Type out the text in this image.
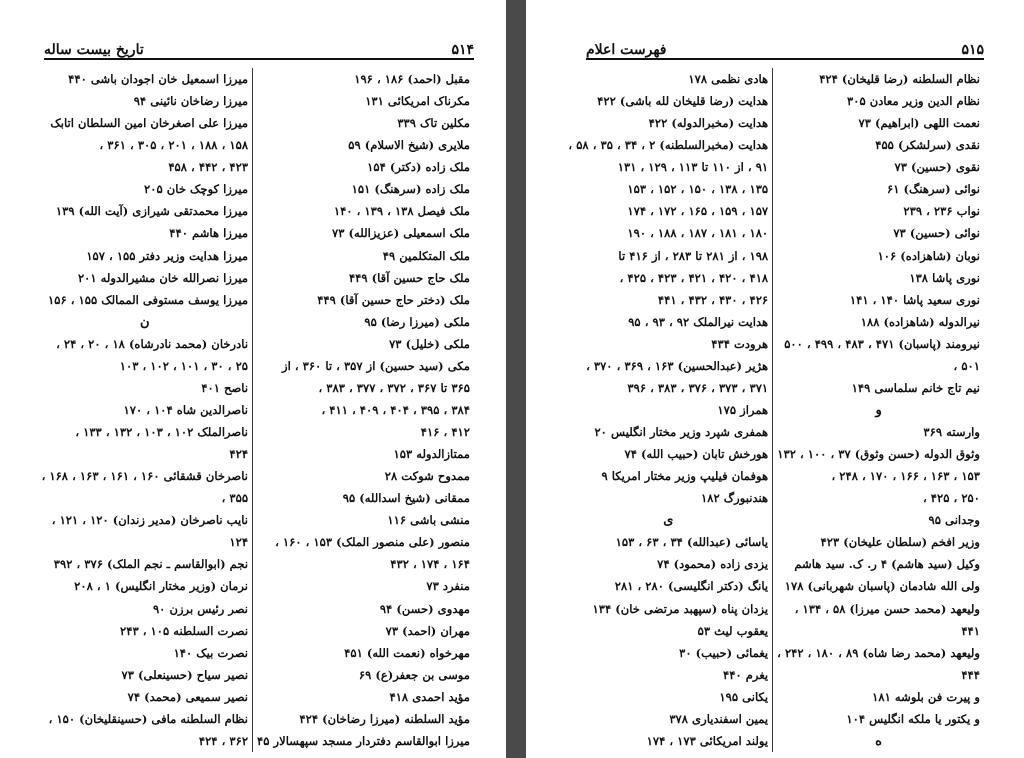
۵۱۴
تاریخ بیست ساله
مقبل (احمد) ۱۸۶ ، ۱۹۶
مکرناک امریکائی ۱۳۱
مکلین تاک ۳۳۹
ملایری (شیخ الاسلام) ۵۹
ملک زاده (دکتر) ۱۵۴
ملک زاده (سرهنگ) ۱۵۱
ملک فیصل ۱۳۸ ، ۱۳۹ ، ۱۴۰
ملک اسمعیلی (عزیزالله) ۷۳
ملک المتکلمین ۴۹
ملک حاج حسین آقا) ۴۴۹
ملک (دختر حاج حسین آقا) ۴۴۹
ملکی (میرزا رضا) ۹۵
ملکی (خلیل) ۷۳
مکی (سید حسین) از ۳۵۷ ، تا ۳۶۰ ، از
۳۶۵ تا ۳۶۷ ، ۳۷۲ ، ۳۷۷ ، ۳۸۳ ،
۳۸۴ ، ۳۹۵ ، ۴۰۴ ، ۴۰۹ ، ۴۱۱ ،
۴۱۲ ، ۴۱۶
ممتازالدوله ۱۵۳
ممدوح شوکت ۲۸
ممقانی (شیخ اسدالله) ۹۵
منشی باشی ۱۱۶
منصور (علی منصور الملک) ۱۵۳ ، ۱۶۰ ،
۱۶۴ ، ۱۷۴ ، ۴۳۲
منفرد ۷۳
مهدوی (حسن) ۹۴
مهران (احمد) ۷۳
مهرخواه (نعمت الله) ۴۵۱
موسی بن جعفر(ع) ۶۹
مؤید احمدی ۴۱۸
مؤید السلطنه (میرزا رضاخان) ۴۲۴
میرزا ابوالقاسم دفتردار مسجد سپهسالار ۴۵
میرزا اسمعیل خان اجودان باشی ۴۴۰
میرزا رضاخان نائینی ۹۴
میرزا علی اصغرخان امین السلطان اتابک
۱۵۸ ، ۱۸۸ ، ۲۰۱ ، ۳۰۵ ، ۳۶۱ ،
۴۲۳ ، ۴۴۲ ، ۴۵۸
میرزا کوچک خان ۲۰۵
میرزا محمدتقی شیرازی (آیت الله) ۱۳۹
میرزا هاشم ۴۴۰
میرزا هدایت وزیر دفتر ۱۵۵ ، ۱۵۷
میرزا نصرالله خان مشیرالدوله ۲۰۱
میرزا یوسف مستوفی الممالک ۱۵۵ ، ۱۵۶
ن
نادرخان (محمد نادرشاه) ۱۸ ، ۲۰ ، ۲۴ ،
۲۵ ، ۳۰ ، ۱۰۱ ، ۱۰۲ ، ۱۰۳
ناصح ۴۰۱
ناصرالدین شاه ۱۰۴ ، ۱۷۰
ناصرالملک ۱۰۲ ، ۱۰۳ ، ۱۳۲ ، ۱۳۳ ،
۴۲۴
ناصرخان قشقائی ۱۶۰ ، ۱۶۱ ، ۱۶۳ ، ۱۶۸ ،
۳۵۵ ،
نایب ناصرخان (مدیر زندان) ۱۲۰ ، ۱۲۱ ،
۱۲۴
نجم (ابوالقاسم ـ نجم الملک) ۳۷۶ ، ۳۹۲
نرمان (وزیر مختار انگلیس) ۱ ، ۲۰۸
نصر رئیس برزن ۹۰
نصرت السلطنه ۱۰۵ ، ۲۴۳
نصرت بیک ۱۴۰
نصیر سیاح (حسینعلی) ۷۳
نصیر سمیعی (محمد) ۷۴
نظام السلطنه مافی (حسینقلیخان) ۱۵۰ ،
۳۶۲ ، ۴۲۴
۵۱۵
فهرست اعلام
نظام السلطنه (رضا قلیخان) ۴۲۴
نظام الدین وزیر معادن ۳۰۵
نعمت اللهی (ابراهیم) ۷۳
نقدی (سرلشکر) ۴۵۵
نقوی (حسین) ۷۳
نوائی (سرهنگ) ۶۱
نواب ۲۳۶ ، ۲۳۹
نوائی (حسین) ۷۳
نوبان (شاهزاده) ۱۰۶
نوری پاشا ۱۳۸
نوری سعید پاشا ۱۴۰ ، ۱۴۱
نیرالدوله (شاهزاده) ۱۸۸
نیرومند (پاسبان) ۴۷۱ ، ۴۸۳ ، ۴۹۹ ، ۵۰۰
۵۰۱ ،
نیم تاج خانم سلماسی ۱۴۹
و
وارسته ۳۶۹
وثوق الدوله (حسن وثوق) ۳۷ ، ۱۰۰ ، ۱۳۲
۱۵۳ ، ۱۶۳ ، ۱۶۶ ، ۱۷۰ ، ۲۴۸ ،
۲۵۰ ، ۴۲۵ ،
وجدانی ۹۵
وزیر افخم (سلطان علیخان) ۴۲۳
وکیل (سید هاشم) ۴ ر. ک. سید هاشم
ولی الله شادمان (پاسبان شهربانی) ۱۷۸
ولیعهد (محمد حسن میرزا) ۵۸ ، ۱۳۴ ،
۴۴۱
ولیعهد (محمد رضا شاه) ۸۹ ، ۱۸۰ ، ۲۴۲ ،
۴۴۴
و پیرت فن بلوشه ۱۸۱
و یکتور یا ملکه انگلیس ۱۰۴
ه
هادی نظمی ۱۷۸
هدایت (رضا قلیخان لله باشی) ۴۲۲
هدایت (مخبرالدوله) ۴۲۲
هدایت (مخبرالسلطنه) ۲ ، ۳۴ ، ۳۵ ، ۵۸ ،
۹۱ ، از ۱۱۰ تا ۱۱۳ ، ۱۲۹ ، ۱۳۱
۱۳۵ ، ۱۳۸ ، ۱۵۰ ، ۱۵۲ ، ۱۵۳
۱۵۷ ، ۱۵۹ ، ۱۶۵ ، ۱۷۲ ، ۱۷۴
۱۸۰ ، ۱۸۱ ، ۱۸۷ ، ۱۸۸ ، ۱۹۰
۱۹۸ ، از ۲۸۱ تا ۲۸۳ ، از ۴۱۶ تا
۴۱۸ ، ۴۲۰ ، ۴۲۱ ، ۴۲۳ ، ۴۲۵ ،
۴۲۶ ، ۴۳۰ ، ۴۳۲ ، ۴۴۱
هدایت نیرالملک ۹۲ ، ۹۳ ، ۹۵
هرودت ۴۳۴
هژیر (عبدالحسین) ۱۶۳ ، ۳۶۹ ، ۳۷۰ ،
۳۷۱ ، ۳۷۳ ، ۳۷۶ ، ۳۸۳ ، ۳۹۶
همراز ۱۷۵
همفری شپرد وزیر مختار انگلیس ۲۰
هورخش تابان (حبیب الله) ۷۴
هوفمان فیلیپ وزیر مختار امریکا ۹
هندنبورگ ۱۸۲
ی
یاسائی (عبدالله) ۳۴ ، ۶۳ ، ۱۵۳
یزدی زاده (محمود) ۷۴
یانگ (دکتر انگلیسی) ۲۸۰ ، ۲۸۱
یزدان پناه (سپهبد مرتضی خان) ۱۳۴
یعقوب لیث ۵۳
یغمائی (حبیب) ۳۰
یغرم ۴۴۰
یکانی ۱۹۵
یمین اسفندیاری ۳۷۸
یولند امریکائی ۱۷۳ ، ۱۷۴
